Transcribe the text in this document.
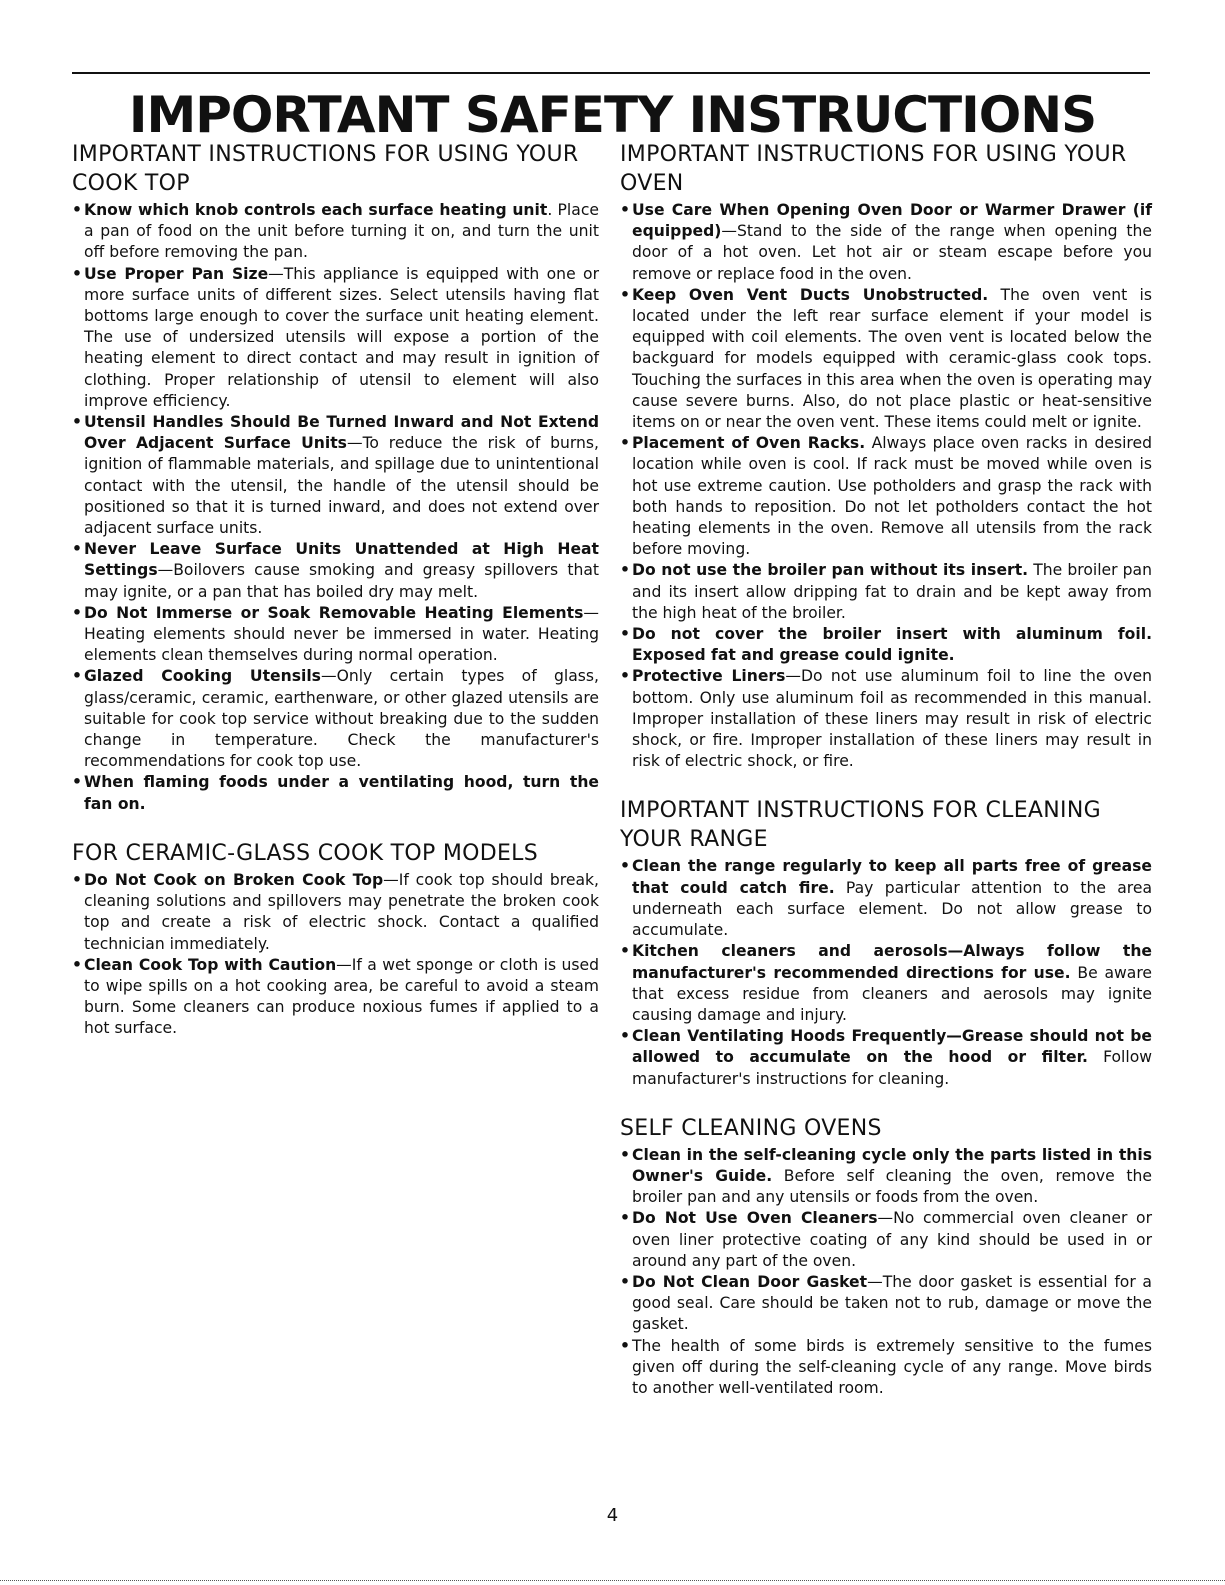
IMPORTANT SAFETY INSTRUCTIONS
IMPORTANT INSTRUCTIONS FOR USING YOUR COOK TOP
• Know which knob controls each surface heating unit. Place a pan of food on the unit before turning it on, and turn the unit off before removing the pan.
• Use Proper Pan Size—This appliance is equipped with one or more surface units of different sizes. Select utensils having flat bottoms large enough to cover the surface unit heating element. The use of undersized utensils will expose a portion of the heating element to direct contact and may result in ignition of clothing. Proper relationship of utensil to element will also improve efficiency.
• Utensil Handles Should Be Turned Inward and Not Extend Over Adjacent Surface Units—To reduce the risk of burns, ignition of flammable materials, and spillage due to unintentional contact with the utensil, the handle of the utensil should be positioned so that it is turned inward, and does not extend over adjacent surface units.
• Never Leave Surface Units Unattended at High Heat Settings—Boilovers cause smoking and greasy spillovers that may ignite, or a pan that has boiled dry may melt.
• Do Not Immerse or Soak Removable Heating Elements—Heating elements should never be immersed in water. Heating elements clean themselves during normal operation.
• Glazed Cooking Utensils—Only certain types of glass, glass/ceramic, ceramic, earthenware, or other glazed utensils are suitable for cook top service without breaking due to the sudden change in temperature. Check the manufacturer's recommendations for cook top use.
• When flaming foods under a ventilating hood, turn the fan on.
FOR CERAMIC-GLASS COOK TOP MODELS
• Do Not Cook on Broken Cook Top—If cook top should break, cleaning solutions and spillovers may penetrate the broken cook top and create a risk of electric shock. Contact a qualified technician immediately.
• Clean Cook Top with Caution—If a wet sponge or cloth is used to wipe spills on a hot cooking area, be careful to avoid a steam burn. Some cleaners can produce noxious fumes if applied to a hot surface.
IMPORTANT INSTRUCTIONS FOR USING YOUR OVEN
• Use Care When Opening Oven Door or Warmer Drawer (if equipped)—Stand to the side of the range when opening the door of a hot oven. Let hot air or steam escape before you remove or replace food in the oven.
• Keep Oven Vent Ducts Unobstructed. The oven vent is located under the left rear surface element if your model is equipped with coil elements. The oven vent is located below the backguard for models equipped with ceramic-glass cook tops. Touching the surfaces in this area when the oven is operating may cause severe burns. Also, do not place plastic or heat-sensitive items on or near the oven vent. These items could melt or ignite.
• Placement of Oven Racks. Always place oven racks in desired location while oven is cool. If rack must be moved while oven is hot use extreme caution. Use potholders and grasp the rack with both hands to reposition. Do not let potholders contact the hot heating elements in the oven. Remove all utensils from the rack before moving.
• Do not use the broiler pan without its insert. The broiler pan and its insert allow dripping fat to drain and be kept away from the high heat of the broiler.
• Do not cover the broiler insert with aluminum foil. Exposed fat and grease could ignite.
• Protective Liners—Do not use aluminum foil to line the oven bottom. Only use aluminum foil as recommended in this manual. Improper installation of these liners may result in risk of electric shock, or fire. Improper installation of these liners may result in risk of electric shock, or fire.
IMPORTANT INSTRUCTIONS FOR CLEANING YOUR RANGE
• Clean the range regularly to keep all parts free of grease that could catch fire. Pay particular attention to the area underneath each surface element. Do not allow grease to accumulate.
• Kitchen cleaners and aerosols—Always follow the manufacturer's recommended directions for use. Be aware that excess residue from cleaners and aerosols may ignite causing damage and injury.
• Clean Ventilating Hoods Frequently—Grease should not be allowed to accumulate on the hood or filter. Follow manufacturer's instructions for cleaning.
SELF CLEANING OVENS
• Clean in the self-cleaning cycle only the parts listed in this Owner's Guide. Before self cleaning the oven, remove the broiler pan and any utensils or foods from the oven.
• Do Not Use Oven Cleaners—No commercial oven cleaner or oven liner protective coating of any kind should be used in or around any part of the oven.
• Do Not Clean Door Gasket—The door gasket is essential for a good seal. Care should be taken not to rub, damage or move the gasket.
• The health of some birds is extremely sensitive to the fumes given off during the self-cleaning cycle of any range. Move birds to another well-ventilated room.
4
